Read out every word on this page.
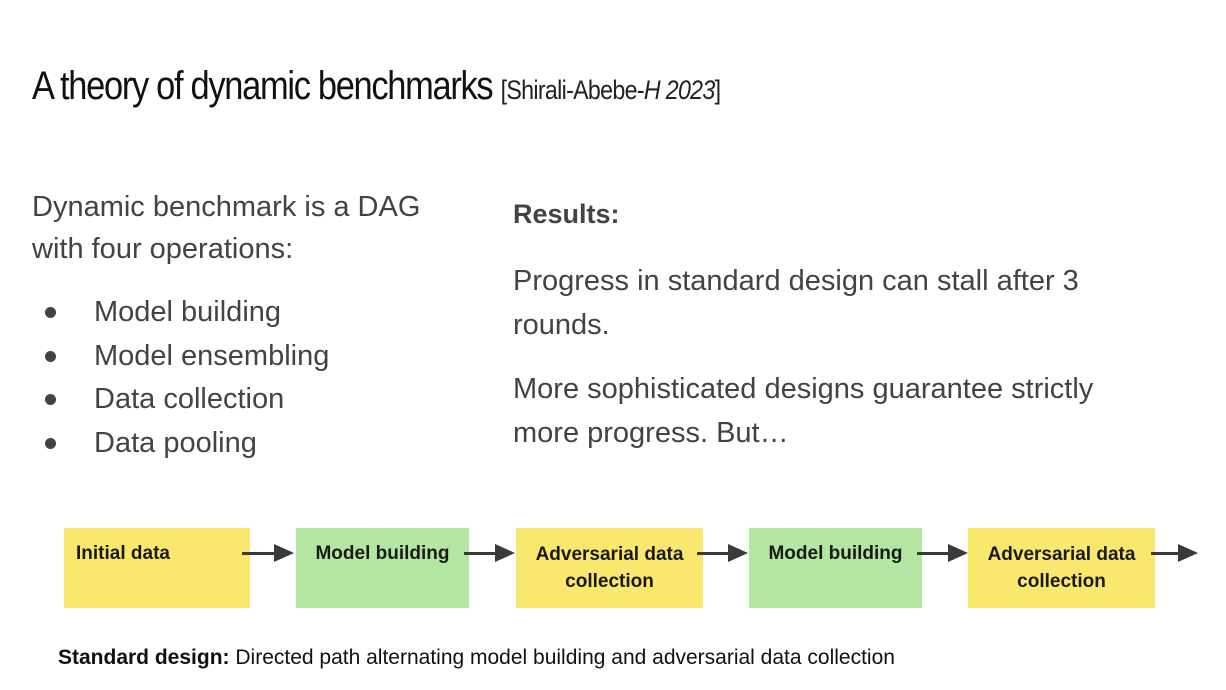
A theory of dynamic benchmarks [Shirali-Abebe-H 2023]

Dynamic benchmark is a DAG with four operations:

Model building
Model ensembling
Data collection
Data pooling
Results:

Progress in standard design can stall after 3 rounds.

More sophisticated designs guarantee strictly more progress. But…

Initial data	Model building	Adversarial data collection
Model building	Adversarial data collection

Standard design: Directed path alternating model building and adversarial data collection
